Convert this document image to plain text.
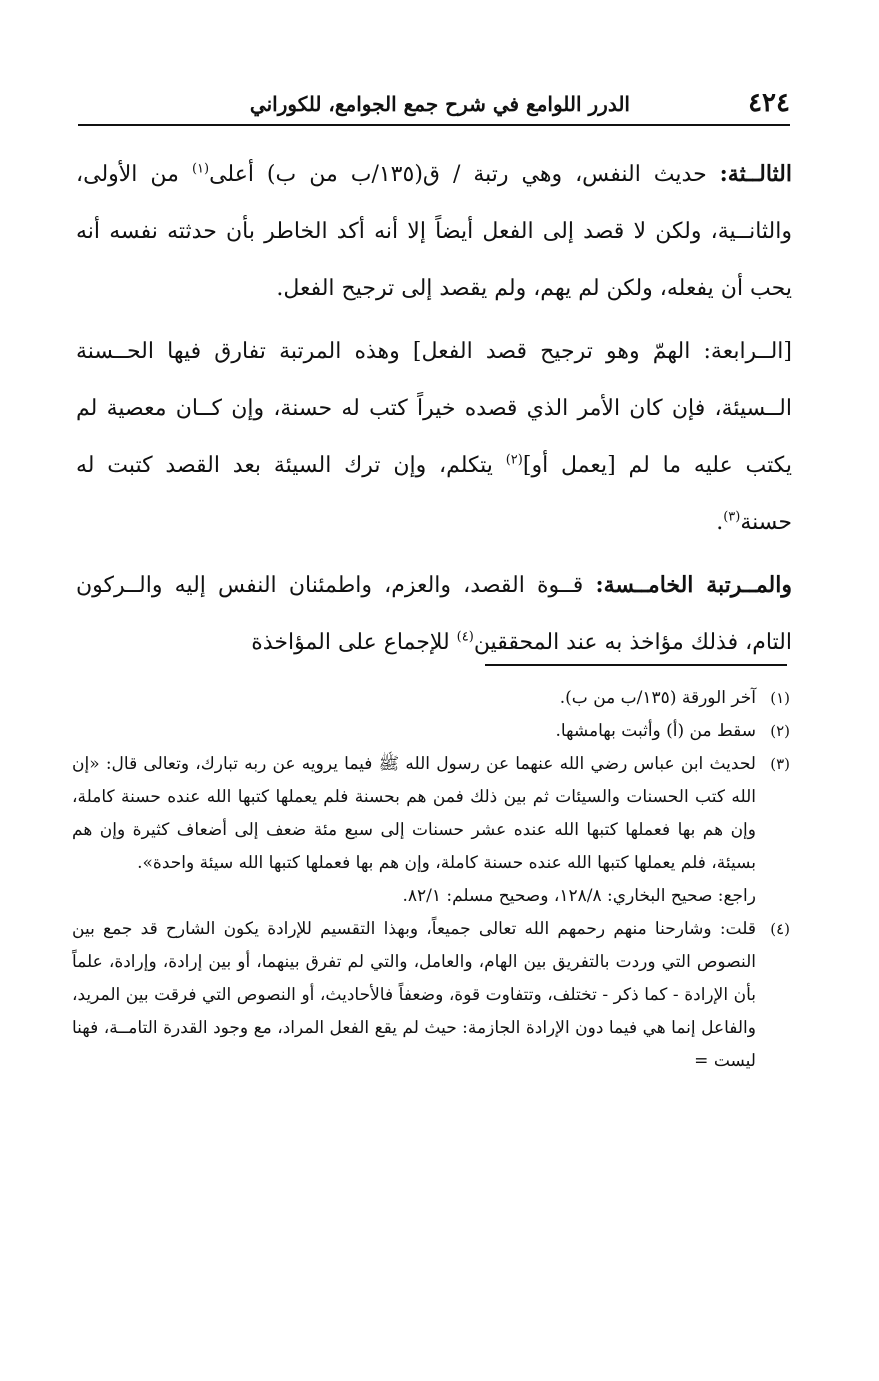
٤٢٤
الدرر اللوامع في شرح جمع الجوامع، للكوراني

الثالــثة: حديث النفس، وهي رتبة / ق(١٣٥/ب من ب) أعلى$^{(١)}$ من الأولى، والثانــية، ولكن لا قصد إلى الفعل أيضاً إلا أنه أكد الخاطر بأن حدثته نفسه أنه يحب أن يفعله، ولكن لم يهم، ولم يقصد إلى ترجيح الفعل.

[الــرابعة: الهمّ وهو ترجيح قصد الفعل] وهذه المرتبة تفارق فيها الحــسنة الــسيئة، فإن كان الأمر الذي قصده خيراً كتب له حسنة، وإن كــان معصية لم يكتب عليه ما لم [يعمل أو]$^{(٢)}$ يتكلم، وإن ترك السيئة بعد القصد كتبت له حسنة$^{(٣)}$.

والمــرتبة الخامــسة: قــوة القصد، والعزم، واطمئنان النفس إليه والــركون التام، فذلك مؤاخذ به عند المحققين$^{(٤)}$ للإجماع على المؤاخذة

(١)
آخر الورقة (١٣٥/ب من ب).
(٢)
سقط من (أ) وأثبت بهامشها.
(٣)
لحديث ابن عباس رضي الله عنهما عن رسول الله ﷺ فيما يرويه عن ربه تبارك، وتعالى قال: «إن الله كتب الحسنات والسيئات ثم بين ذلك فمن هم بحسنة فلم يعملها كتبها الله عنده حسنة كاملة، وإن هم بها فعملها كتبها الله عنده عشر حسنات إلى سبع مئة ضعف إلى أضعاف كثيرة وإن هم بسيئة، فلم يعملها كتبها الله عنده حسنة كاملة، وإن هم بها فعملها كتبها الله سيئة واحدة».

راجع: صحيح البخاري: ١٢٨/٨، وصحيح مسلم: ٨٢/١.

(٤)
قلت: وشارحنا منهم رحمهم الله تعالى جميعاً، وبهذا التقسيم للإرادة يكون الشارح قد جمع بين النصوص التي وردت بالتفريق بين الهام، والعامل، والتي لم تفرق بينهما، أو بين إرادة، وإرادة، علماً بأن الإرادة - كما ذكر - تختلف، وتتفاوت قوة، وضعفاً فالأحاديث، أو النصوص التي فرقت بين المريد، والفاعل إنما هي فيما دون الإرادة الجازمة: حيث لم يقع الفعل المراد، مع وجود القدرة التامــة، فهنا ليست =
